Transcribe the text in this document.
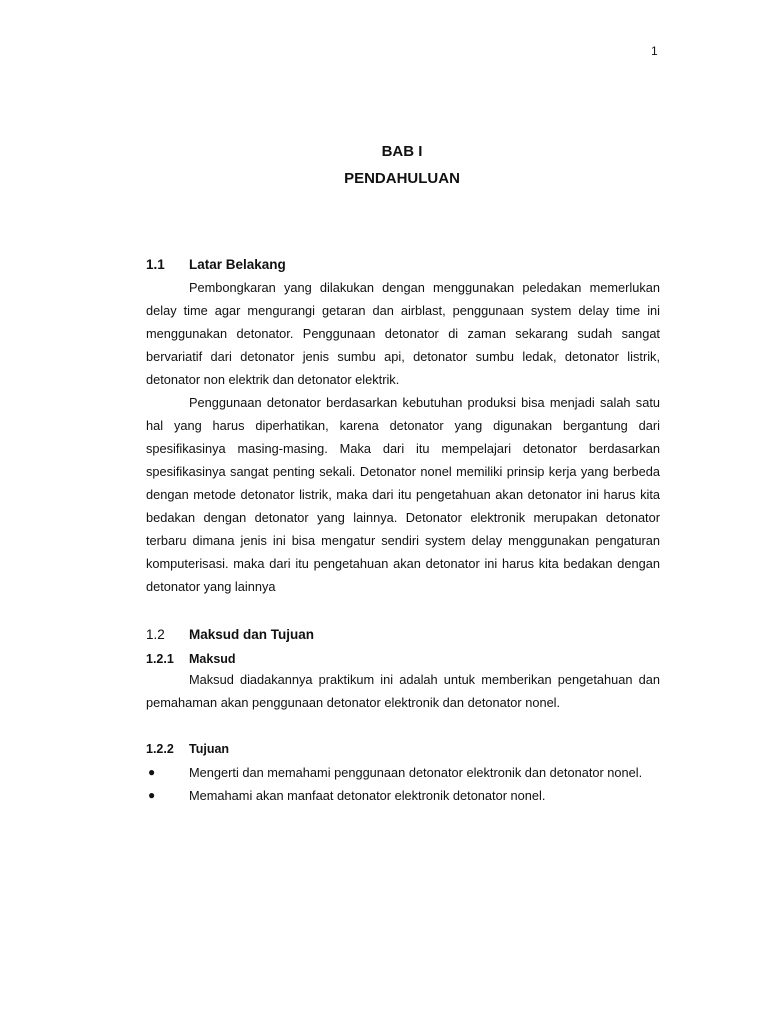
1
BAB I
PENDAHULUAN
1.1	Latar Belakang

Pembongkaran yang dilakukan dengan menggunakan peledakan memerlukan delay time agar mengurangi getaran dan airblast, penggunaan system delay time ini menggunakan detonator. Penggunaan detonator di zaman sekarang sudah sangat bervariatif dari detonator jenis sumbu api, detonator sumbu ledak, detonator listrik, detonator non elektrik dan detonator elektrik.

Penggunaan detonator berdasarkan kebutuhan produksi bisa menjadi salah satu hal yang harus diperhatikan, karena detonator yang digunakan bergantung dari spesifikasinya masing-masing. Maka dari itu mempelajari detonator berdasarkan spesifikasinya sangat penting sekali. Detonator nonel memiliki prinsip kerja yang berbeda dengan metode detonator listrik, maka dari itu pengetahuan akan detonator ini harus kita bedakan dengan detonator yang lainnya. Detonator elektronik merupakan detonator terbaru dimana jenis ini bisa mengatur sendiri system delay menggunakan pengaturan komputerisasi. maka dari itu pengetahuan akan detonator ini harus kita bedakan dengan detonator yang lainnya

1.2	Maksud dan Tujuan
1.2.1	Maksud

Maksud diadakannya praktikum ini adalah untuk memberikan pengetahuan dan pemahaman akan penggunaan detonator elektronik dan detonator nonel.

1.2.2	Tujuan
●	Mengerti dan memahami penggunaan detonator elektronik dan detonator nonel.
●	Memahami akan manfaat detonator elektronik detonator nonel.
